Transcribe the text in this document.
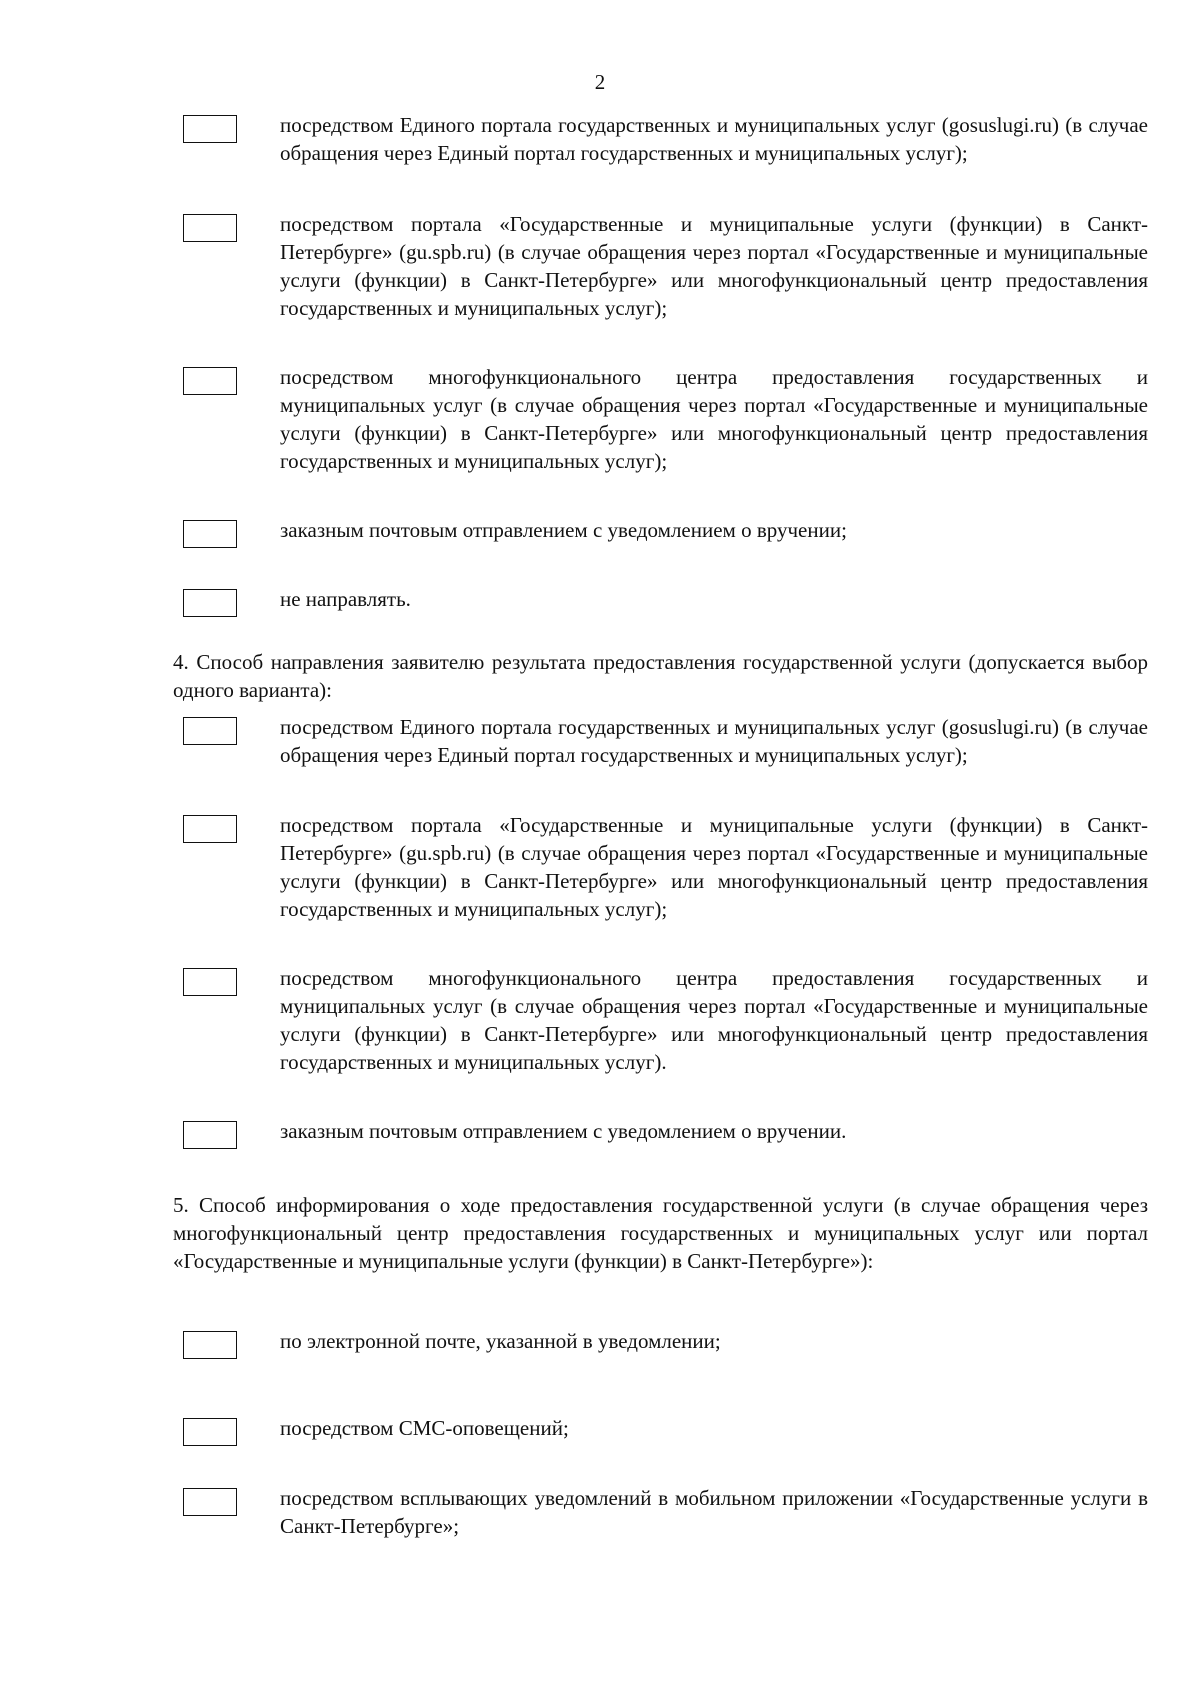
2
посредством Единого портала государственных и муниципальных услуг (gosuslugi.ru) (в случае обращения через Единый портал государственных и муниципальных услуг);
посредством портала «Государственные и муниципальные услуги (функции) в Санкт-Петербурге» (gu.spb.ru) (в случае обращения через портал «Государственные и муниципальные услуги (функции) в Санкт-Петербурге» или многофункциональный центр предоставления государственных и муниципальных услуг);
посредством многофункционального центра предоставления государственных и муниципальных услуг (в случае обращения через портал «Государственные и муниципальные услуги (функции) в Санкт-Петербурге» или многофункциональный центр предоставления государственных и муниципальных услуг);
заказным почтовым отправлением с уведомлением о вручении;
не направлять.
4. Способ направления заявителю результата предоставления государственной услуги (допускается выбор одного варианта):
посредством Единого портала государственных и муниципальных услуг (gosuslugi.ru) (в случае обращения через Единый портал государственных и муниципальных услуг);
посредством портала «Государственные и муниципальные услуги (функции) в Санкт-Петербурге» (gu.spb.ru) (в случае обращения через портал «Государственные и муниципальные услуги (функции) в Санкт-Петербурге» или многофункциональный центр предоставления государственных и муниципальных услуг);
посредством многофункционального центра предоставления государственных и муниципальных услуг (в случае обращения через портал «Государственные и муниципальные услуги (функции) в Санкт-Петербурге» или многофункциональный центр предоставления государственных и муниципальных услуг).
заказным почтовым отправлением с уведомлением о вручении.
5. Способ информирования о ходе предоставления государственной услуги (в случае обращения через многофункциональный центр предоставления государственных и муниципальных услуг или портал «Государственные и муниципальные услуги (функции) в Санкт-Петербурге»):
по электронной почте, указанной в уведомлении;
посредством СМС-оповещений;
посредством всплывающих уведомлений в мобильном приложении «Государственные услуги в Санкт-Петербурге»;
